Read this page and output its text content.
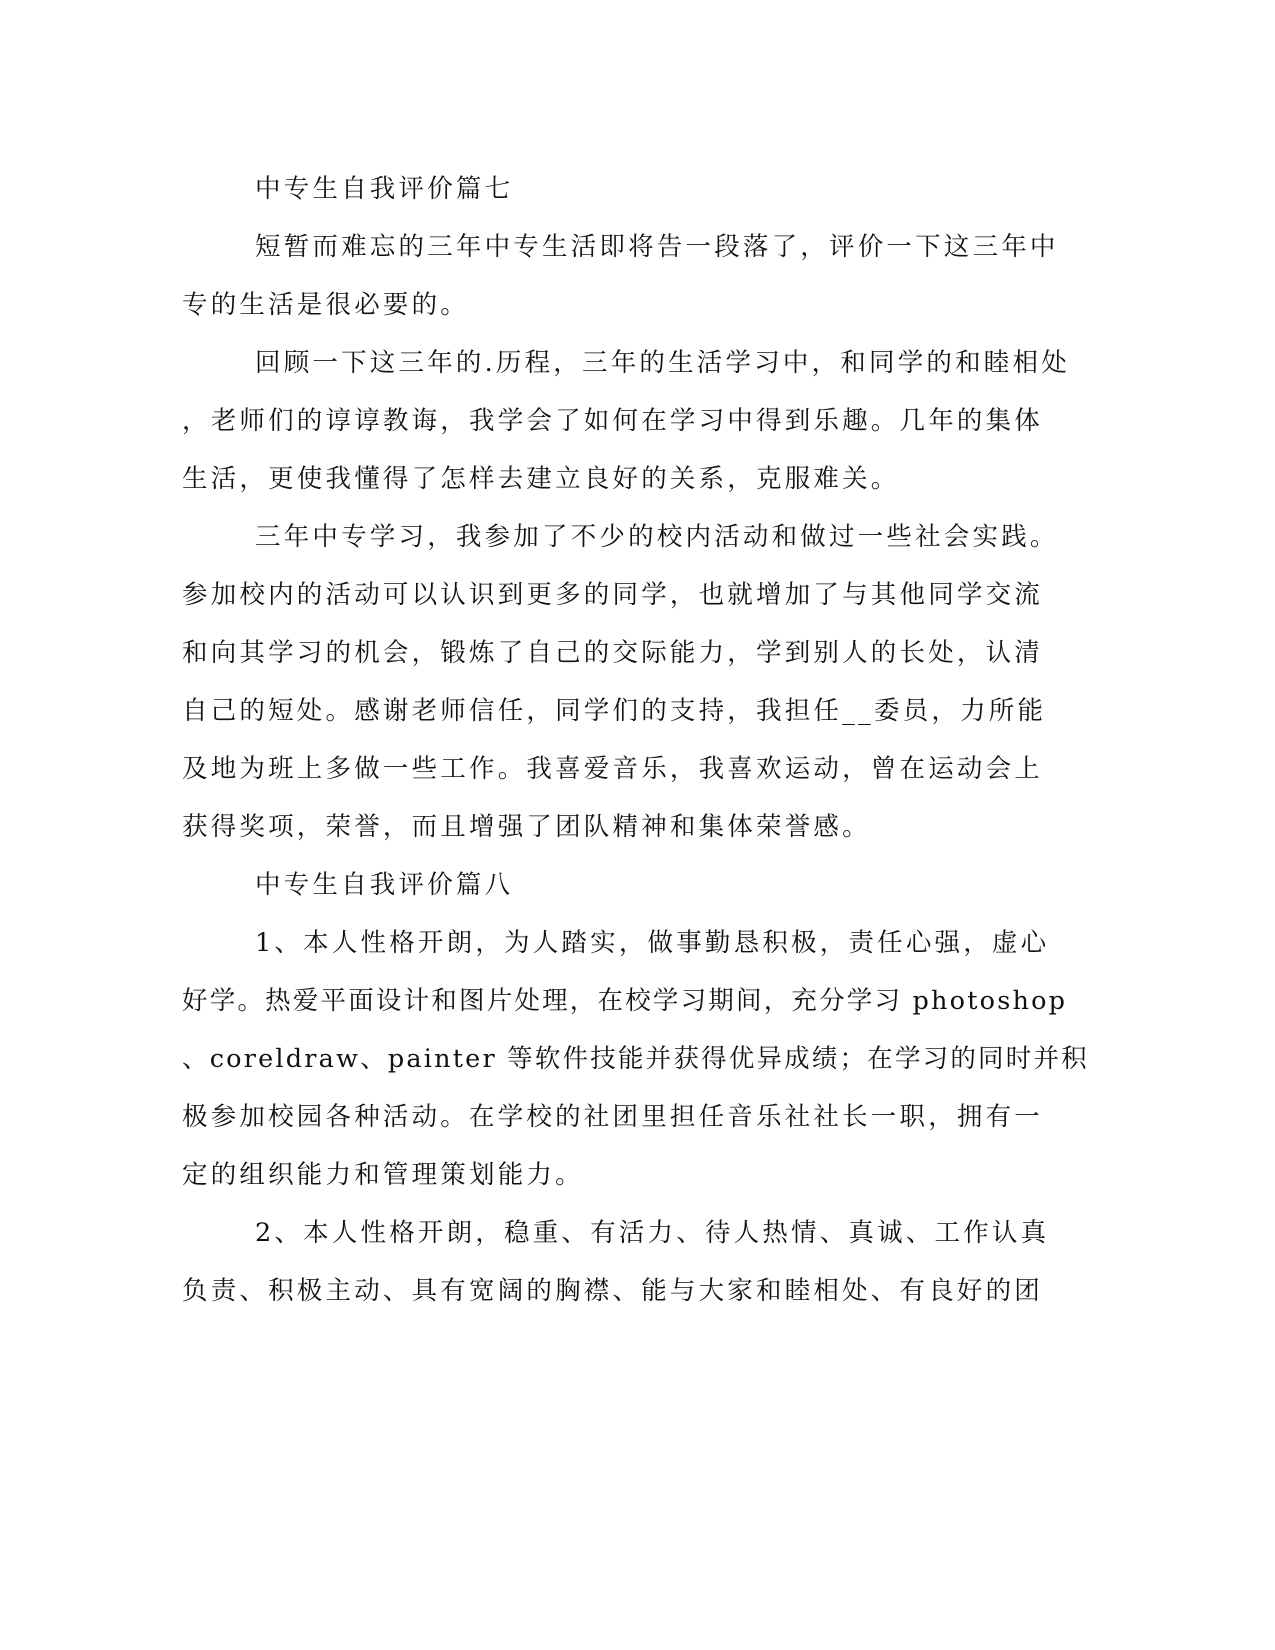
中专生自我评价篇七
短暂而难忘的三年中专生活即将告一段落了，评价一下这三年中
专的生活是很必要的。
回顾一下这三年的.历程，三年的生活学习中，和同学的和睦相处
，老师们的谆谆教诲，我学会了如何在学习中得到乐趣。几年的集体
生活，更使我懂得了怎样去建立良好的关系，克服难关。
三年中专学习，我参加了不少的校内活动和做过一些社会实践。
参加校内的活动可以认识到更多的同学，也就增加了与其他同学交流
和向其学习的机会，锻炼了自己的交际能力，学到别人的长处，认清
自己的短处。感谢老师信任，同学们的支持，我担任__委员，力所能
及地为班上多做一些工作。我喜爱音乐，我喜欢运动，曾在运动会上
获得奖项，荣誉，而且增强了团队精神和集体荣誉感。
中专生自我评价篇八
1、本人性格开朗，为人踏实，做事勤恳积极，责任心强，虚心
好学。热爱平面设计和图片处理，在校学习期间，充分学习 photoshop
、coreldraw、painter 等软件技能并获得优异成绩；在学习的同时并积
极参加校园各种活动。在学校的社团里担任音乐社社长一职，拥有一
定的组织能力和管理策划能力。
2、本人性格开朗，稳重、有活力、待人热情、真诚、工作认真
负责、积极主动、具有宽阔的胸襟、能与大家和睦相处、有良好的团
